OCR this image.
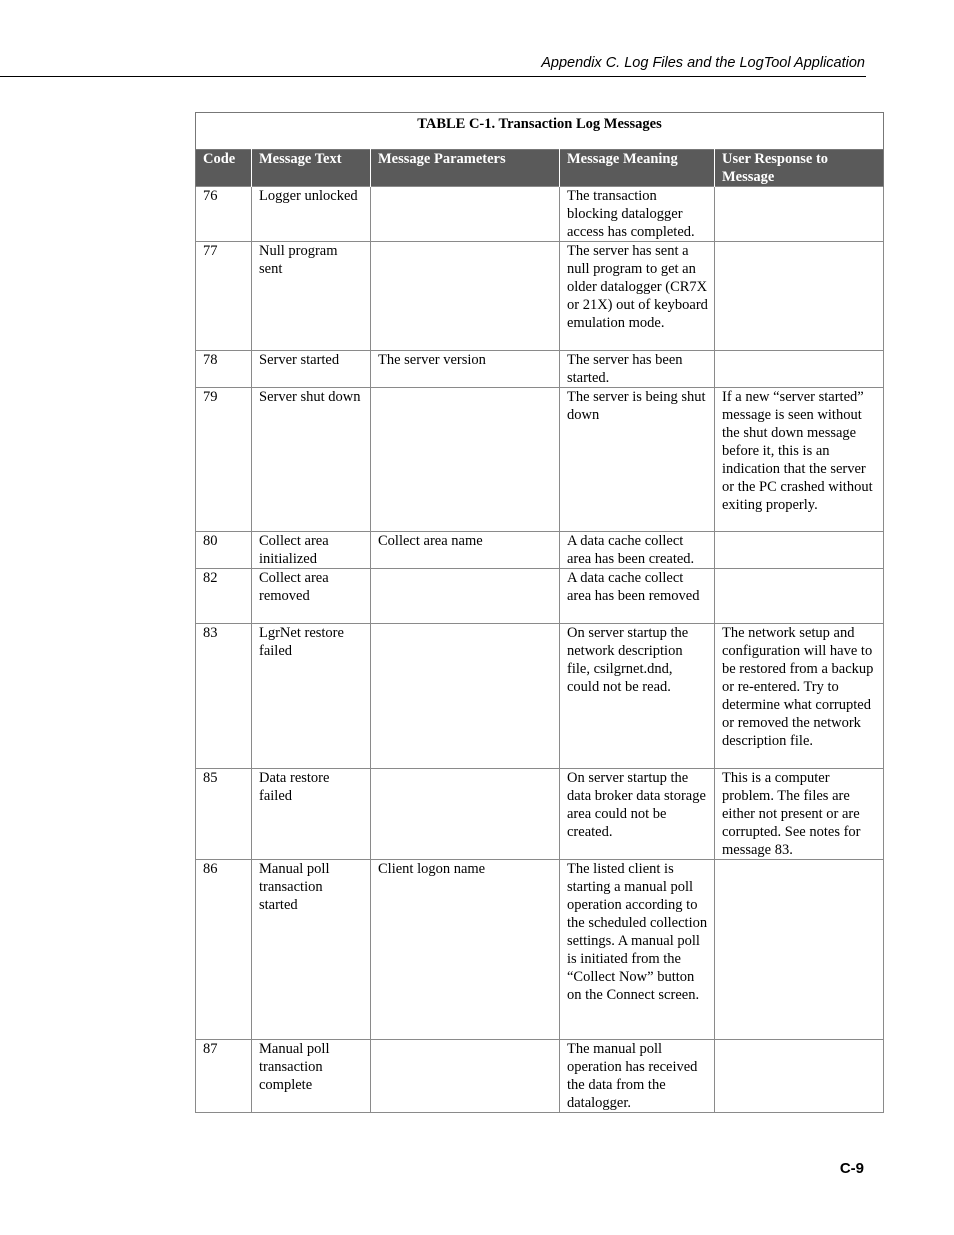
Appendix C. Log Files and the LogTool Application
TABLE C-1. Transaction Log Messages
Code	Message Text	Message Parameters	Message Meaning	User Response to Message
76	Logger unlocked		The transaction blocking datalogger access has completed.	
77	Null program sent		The server has sent a null program to get an older datalogger (CR7X or 21X) out of keyboard emulation mode.	
78	Server started	The server version	The server has been started.	
79	Server shut down		The server is being shut down	If a new “server started” message is seen without the shut down message before it, this is an indication that the server or the PC crashed without exiting properly.
80	Collect area initialized	Collect area name	A data cache collect area has been created.	
82	Collect area removed		A data cache collect area has been removed	
83	LgrNet restore failed		On server startup the network description file, csilgrnet.dnd, could not be read.	The network setup and configuration will have to be restored from a backup or re-entered. Try to determine what corrupted or removed the network description file.
85	Data restore failed		On server startup the data broker data storage area could not be created.	This is a computer problem. The files are either not present or are corrupted. See notes for message 83.
86	Manual poll transaction started	Client logon name	The listed client is starting a manual poll operation according to the scheduled collection settings. A manual poll is initiated from the “Collect Now” button on the Connect screen.	
87	Manual poll transaction complete		The manual poll operation has received the data from the datalogger.	
C-9
